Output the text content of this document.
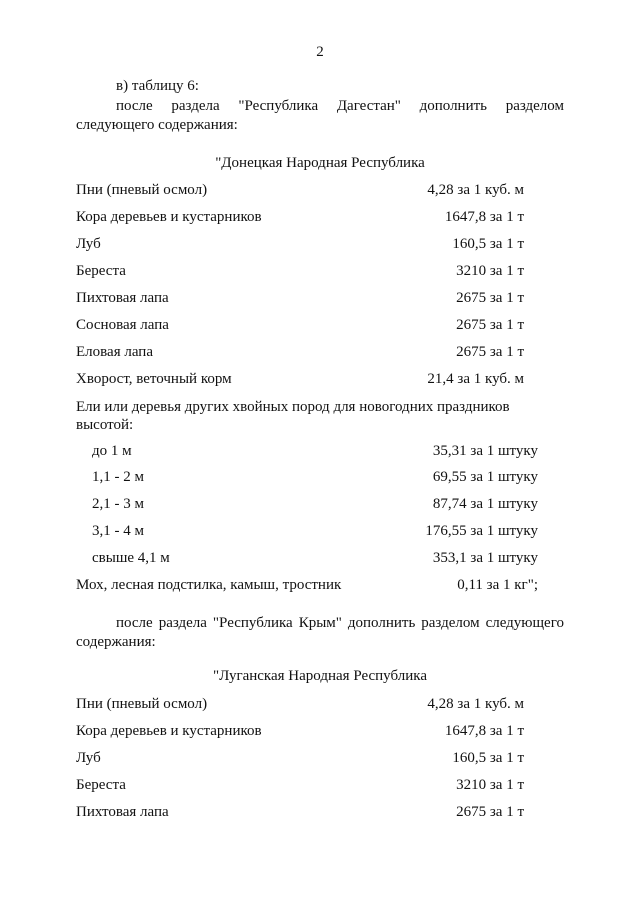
2
в) таблицу 6:
после раздела "Республика Дагестан" дополнить разделом
следующего содержания:
"Донецкая Народная Республика
Пни (пневый осмол)	4,28 за 1 куб. м
Кора деревьев и кустарников	1647,8 за 1 т
Луб	160,5 за 1 т
Береста	3210 за 1 т
Пихтовая лапа	2675 за 1 т
Сосновая лапа	2675 за 1 т
Еловая лапа	2675 за 1 т
Хворост, веточный корм	21,4 за 1 куб. м
Ели или деревья других хвойных пород для новогодних праздников
высотой:
до 1 м	35,31 за 1 штуку
1,1 - 2 м	69,55 за 1 штуку
2,1 - 3 м	87,74 за 1 штуку
3,1 - 4 м	176,55 за 1 штуку
свыше 4,1 м	353,1 за 1 штуку
Мох, лесная подстилка, камыш, тростник	0,11 за 1 кг";
после раздела "Республика Крым" дополнить разделом следующего
содержания:
"Луганская Народная Республика
Пни (пневый осмол)	4,28 за 1 куб. м
Кора деревьев и кустарников	1647,8 за 1 т
Луб	160,5 за 1 т
Береста	3210 за 1 т
Пихтовая лапа	2675 за 1 т
